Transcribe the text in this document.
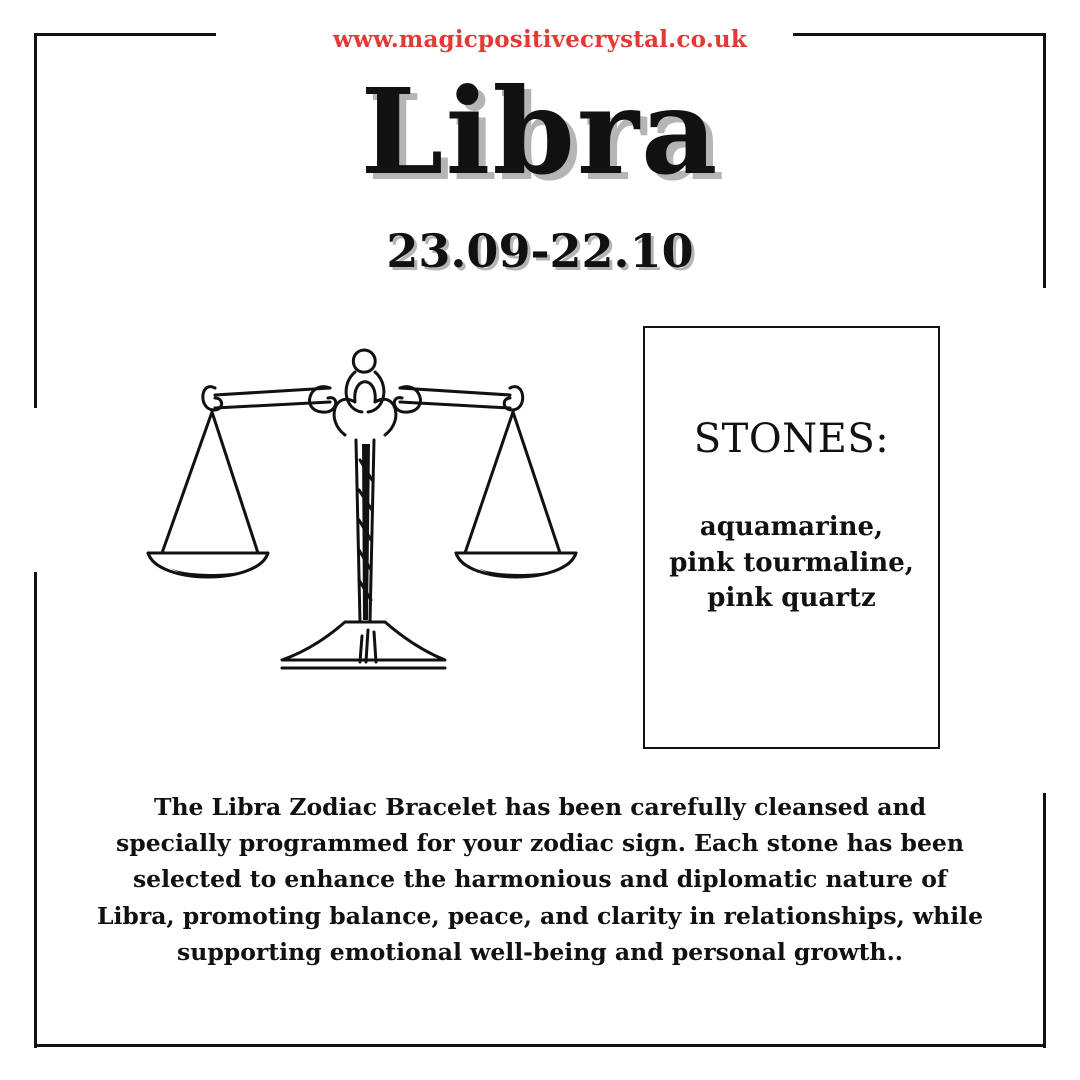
www.magicpositivecrystal.co.uk
Libra
23.09-22.10
STONES:
aquamarine,
pink tourmaline,
pink quartz

The Libra Zodiac Bracelet has been carefully cleansed and specially programmed for your zodiac sign. Each stone has been selected to enhance the harmonious and diplomatic nature of Libra, promoting balance, peace, and clarity in relationships, while supporting emotional well-being and personal growth..
